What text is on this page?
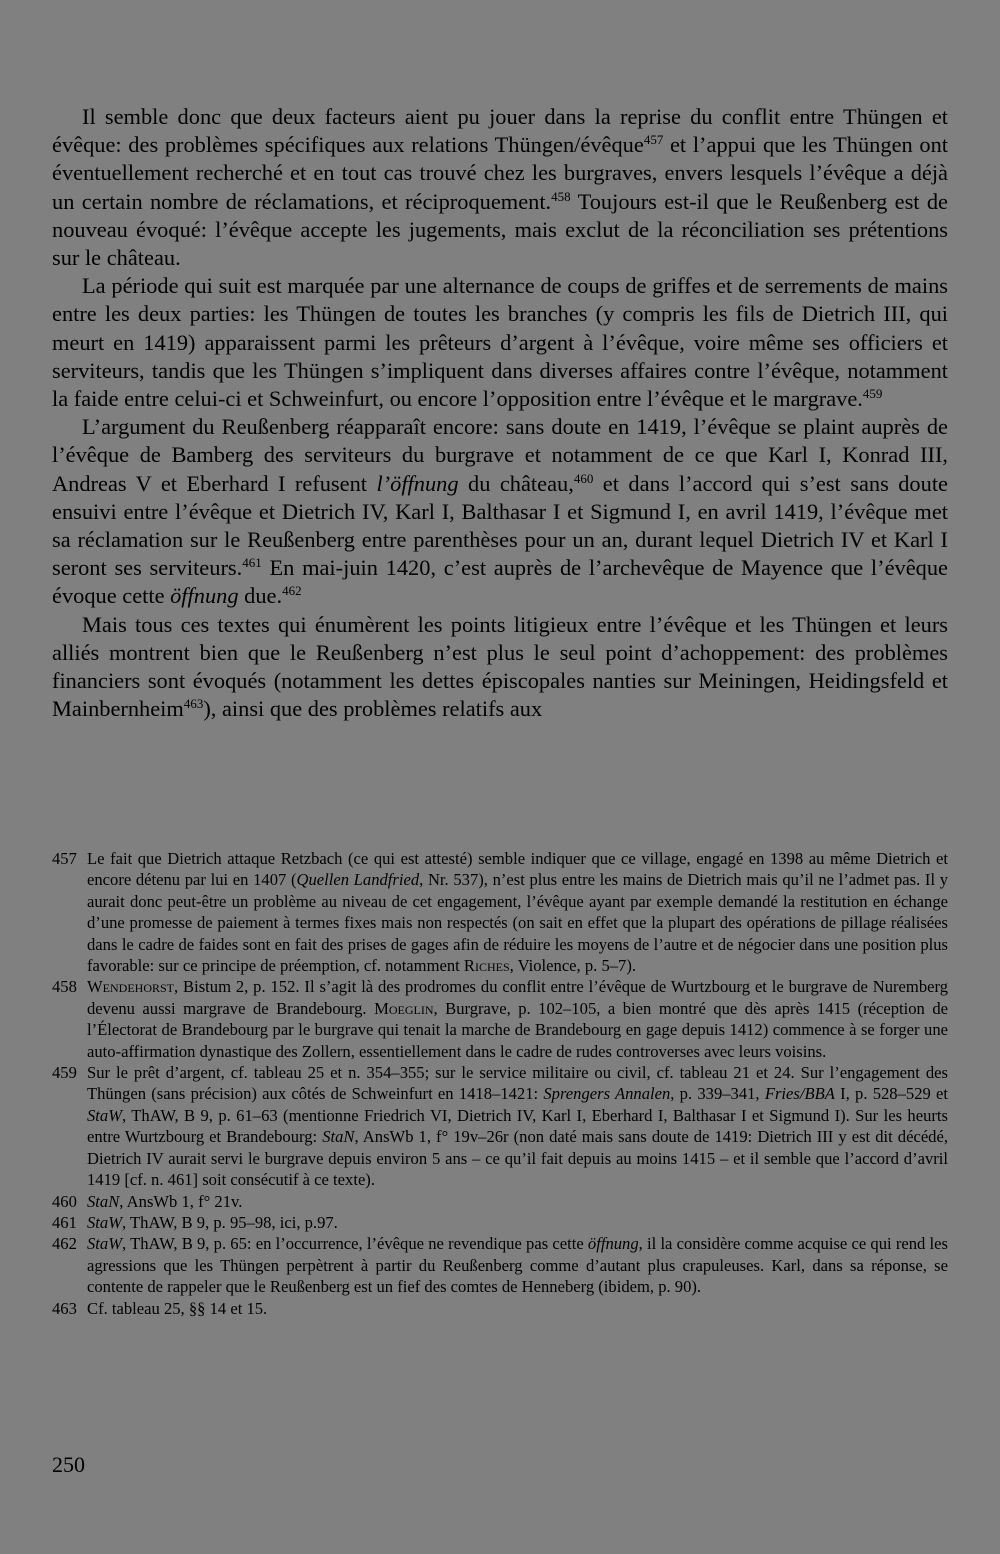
Il semble donc que deux facteurs aient pu jouer dans la reprise du conflit entre Thüngen et évêque: des problèmes spécifiques aux relations Thüngen/évêque$^{457}$ et l’appui que les Thüngen ont éventuellement recherché et en tout cas trouvé chez les burgraves, envers lesquels l’évêque a déjà un certain nombre de réclamations, et réciproquement.$^{458}$ Toujours est-il que le Reußenberg est de nouveau évoqué: l’évêque accepte les jugements, mais exclut de la réconciliation ses prétentions sur le château.

La période qui suit est marquée par une alternance de coups de griffes et de serrements de mains entre les deux parties: les Thüngen de toutes les branches (y compris les fils de Dietrich III, qui meurt en 1419) apparaissent parmi les prêteurs d’argent à l’évêque, voire même ses officiers et serviteurs, tandis que les Thüngen s’impliquent dans diverses affaires contre l’évêque, notamment la faide entre celui-ci et Schweinfurt, ou encore l’opposition entre l’évêque et le margrave.$^{459}$

L’argument du Reußenberg réapparaît encore: sans doute en 1419, l’évêque se plaint auprès de l’évêque de Bamberg des serviteurs du burgrave et notamment de ce que Karl I, Konrad III, Andreas V et Eberhard I refusent l’öffnung du château,$^{460}$ et dans l’accord qui s’est sans doute ensuivi entre l’évêque et Dietrich IV, Karl I, Balthasar I et Sigmund I, en avril 1419, l’évêque met sa réclamation sur le Reußenberg entre parenthèses pour un an, durant lequel Dietrich IV et Karl I seront ses serviteurs.$^{461}$ En mai-juin 1420, c’est auprès de l’archevêque de Mayence que l’évêque évoque cette öffnung due.$^{462}$

Mais tous ces textes qui énumèrent les points litigieux entre l’évêque et les Thüngen et leurs alliés montrent bien que le Reußenberg n’est plus le seul point d’achoppement: des problèmes financiers sont évoqués (notamment les dettes épiscopales nanties sur Meiningen, Heidingsfeld et Mainbernheim$^{463}$), ainsi que des problèmes relatifs aux

457 Le fait que Dietrich attaque Retzbach (ce qui est attesté) semble indiquer que ce village, engagé en 1398 au même Dietrich et encore détenu par lui en 1407 (Quellen Landfried, Nr. 537), n’est plus entre les mains de Dietrich mais qu’il ne l’admet pas. Il y aurait donc peut-être un problème au niveau de cet engagement, l’évêque ayant par exemple demandé la restitution en échange d’une promesse de paiement à termes fixes mais non respectés (on sait en effet que la plupart des opérations de pillage réalisées dans le cadre de faides sont en fait des prises de gages afin de réduire les moyens de l’autre et de négocier dans une position plus favorable: sur ce principe de préemption, cf. notamment Riches, Violence, p. 5–7).
458 Wendehorst, Bistum 2, p. 152. Il s’agit là des prodromes du conflit entre l’évêque de Wurtzbourg et le burgrave de Nuremberg devenu aussi margrave de Brandebourg. Moeglin, Burgrave, p. 102–105, a bien montré que dès après 1415 (réception de l’Électorat de Brandebourg par le burgrave qui tenait la marche de Brandebourg en gage depuis 1412) commence à se forger une auto-affirmation dynastique des Zollern, essentiellement dans le cadre de rudes controverses avec leurs voisins.
459 Sur le prêt d’argent, cf. tableau 25 et n. 354–355; sur le service militaire ou civil, cf. tableau 21 et 24. Sur l’engagement des Thüngen (sans précision) aux côtés de Schweinfurt en 1418–1421: Sprengers Annalen, p. 339–341, Fries/BBA I, p. 528–529 et StaW, ThAW, B 9, p. 61–63 (mentionne Friedrich VI, Dietrich IV, Karl I, Eberhard I, Balthasar I et Sigmund I). Sur les heurts entre Wurtzbourg et Brandebourg: StaN, AnsWb 1, f° 19v–26r (non daté mais sans doute de 1419: Dietrich III y est dit décédé, Dietrich IV aurait servi le burgrave depuis environ 5 ans – ce qu’il fait depuis au moins 1415 – et il semble que l’accord d’avril 1419 [cf. n. 461] soit consécutif à ce texte).
460 StaN, AnsWb 1, f° 21v.
461 StaW, ThAW, B 9, p. 95–98, ici, p.97.
462 StaW, ThAW, B 9, p. 65: en l’occurrence, l’évêque ne revendique pas cette öffnung, il la considère comme acquise ce qui rend les agressions que les Thüngen perpètrent à partir du Reußenberg comme d’autant plus crapuleuses. Karl, dans sa réponse, se contente de rappeler que le Reußenberg est un fief des comtes de Henneberg (ibidem, p. 90).
463 Cf. tableau 25, §§ 14 et 15.
250
